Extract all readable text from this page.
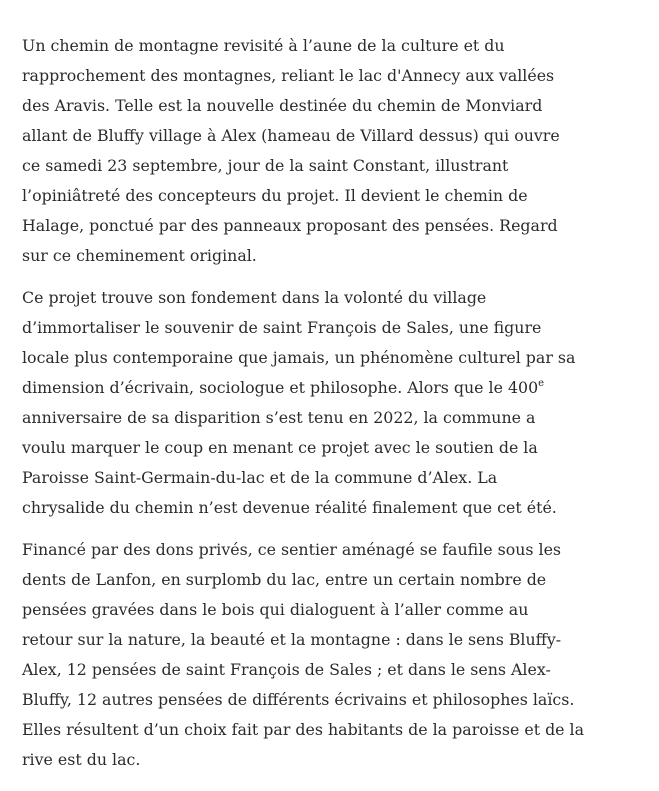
Un chemin de montagne revisité à l’aune de la culture et du
rapprochement des montagnes, reliant le lac d'Annecy aux vallées
des Aravis. Telle est la nouvelle destinée du chemin de Monviard
allant de Bluffy village à Alex (hameau de Villard dessus) qui ouvre
ce samedi 23 septembre, jour de la saint Constant, illustrant
l’opiniâtreté des concepteurs du projet. Il devient le chemin de
Halage, ponctué par des panneaux proposant des pensées. Regard
sur ce cheminement original.

Ce projet trouve son fondement dans la volonté du village
d’immortaliser le souvenir de saint François de Sales, une figure
locale plus contemporaine que jamais, un phénomène culturel par sa
dimension d’écrivain, sociologue et philosophe. Alors que le 400e
anniversaire de sa disparition s’est tenu en 2022, la commune a
voulu marquer le coup en menant ce projet avec le soutien de la
Paroisse Saint-Germain-du-lac et de la commune d’Alex. La
chrysalide du chemin n’est devenue réalité finalement que cet été.

Financé par des dons privés, ce sentier aménagé se faufile sous les
dents de Lanfon, en surplomb du lac, entre un certain nombre de
pensées gravées dans le bois qui dialoguent à l’aller comme au
retour sur la nature, la beauté et la montagne : dans le sens Bluffy-
Alex, 12 pensées de saint François de Sales ; et dans le sens Alex-
Bluffy, 12 autres pensées de différents écrivains et philosophes laïcs.
Elles résultent d’un choix fait par des habitants de la paroisse et de la
rive est du lac.
